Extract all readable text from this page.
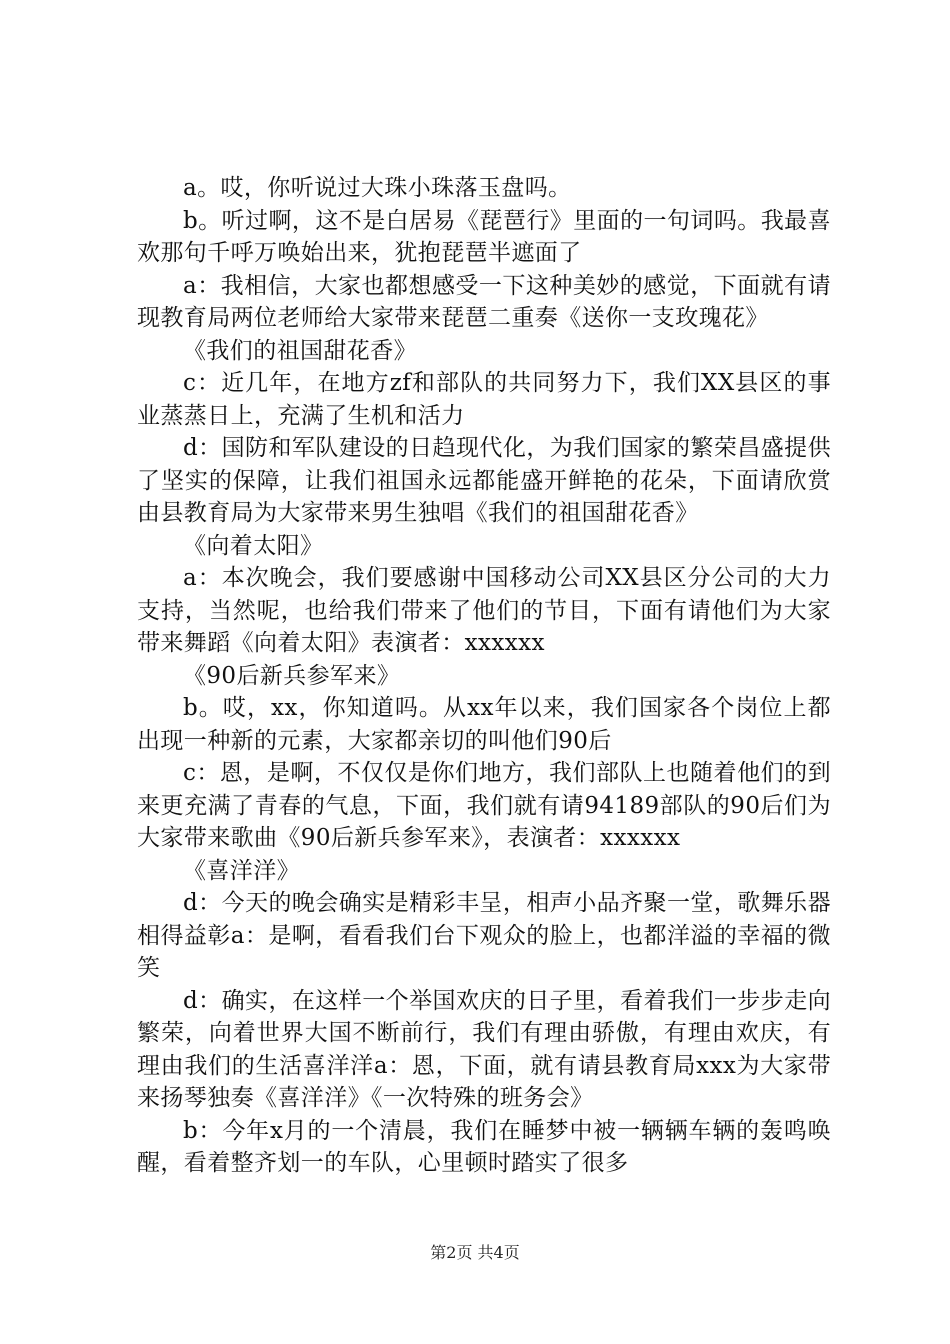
a。哎，你听说过大珠小珠落玉盘吗。

b。听过啊，这不是白居易《琵琶行》里面的一句词吗。我最喜欢那句千呼万唤始出来，犹抱琵琶半遮面了

a：我相信，大家也都想感受一下这种美妙的感觉，下面就有请现教育局两位老师给大家带来琵琶二重奏《送你一支玫瑰花》

《我们的祖国甜花香》

c：近几年，在地方zf和部队的共同努力下，我们XX县区的事业蒸蒸日上，充满了生机和活力

d：国防和军队建设的日趋现代化，为我们国家的繁荣昌盛提供了坚实的保障，让我们祖国永远都能盛开鲜艳的花朵，下面请欣赏由县教育局为大家带来男生独唱《我们的祖国甜花香》

《向着太阳》

a：本次晚会，我们要感谢中国移动公司XX县区分公司的大力支持，当然呢，也给我们带来了他们的节目，下面有请他们为大家带来舞蹈《向着太阳》表演者：xxxxxx

《90后新兵参军来》

b。哎，xx，你知道吗。从xx年以来，我们国家各个岗位上都出现一种新的元素，大家都亲切的叫他们90后

c：恩，是啊，不仅仅是你们地方，我们部队上也随着他们的到来更充满了青春的气息，下面，我们就有请94189部队的90后们为大家带来歌曲《90后新兵参军来》，表演者：xxxxxx

《喜洋洋》

d：今天的晚会确实是精彩丰呈，相声小品齐聚一堂，歌舞乐器相得益彰a：是啊，看看我们台下观众的脸上，也都洋溢的幸福的微笑

d：确实，在这样一个举国欢庆的日子里，看着我们一步步走向繁荣，向着世界大国不断前行，我们有理由骄傲，有理由欢庆，有理由我们的生活喜洋洋a：恩，下面，就有请县教育局xxx为大家带来扬琴独奏《喜洋洋》《一次特殊的班务会》

b：今年x月的一个清晨，我们在睡梦中被一辆辆车辆的轰鸣唤醒，看着整齐划一的车队，心里顿时踏实了很多

第2页 共4页
